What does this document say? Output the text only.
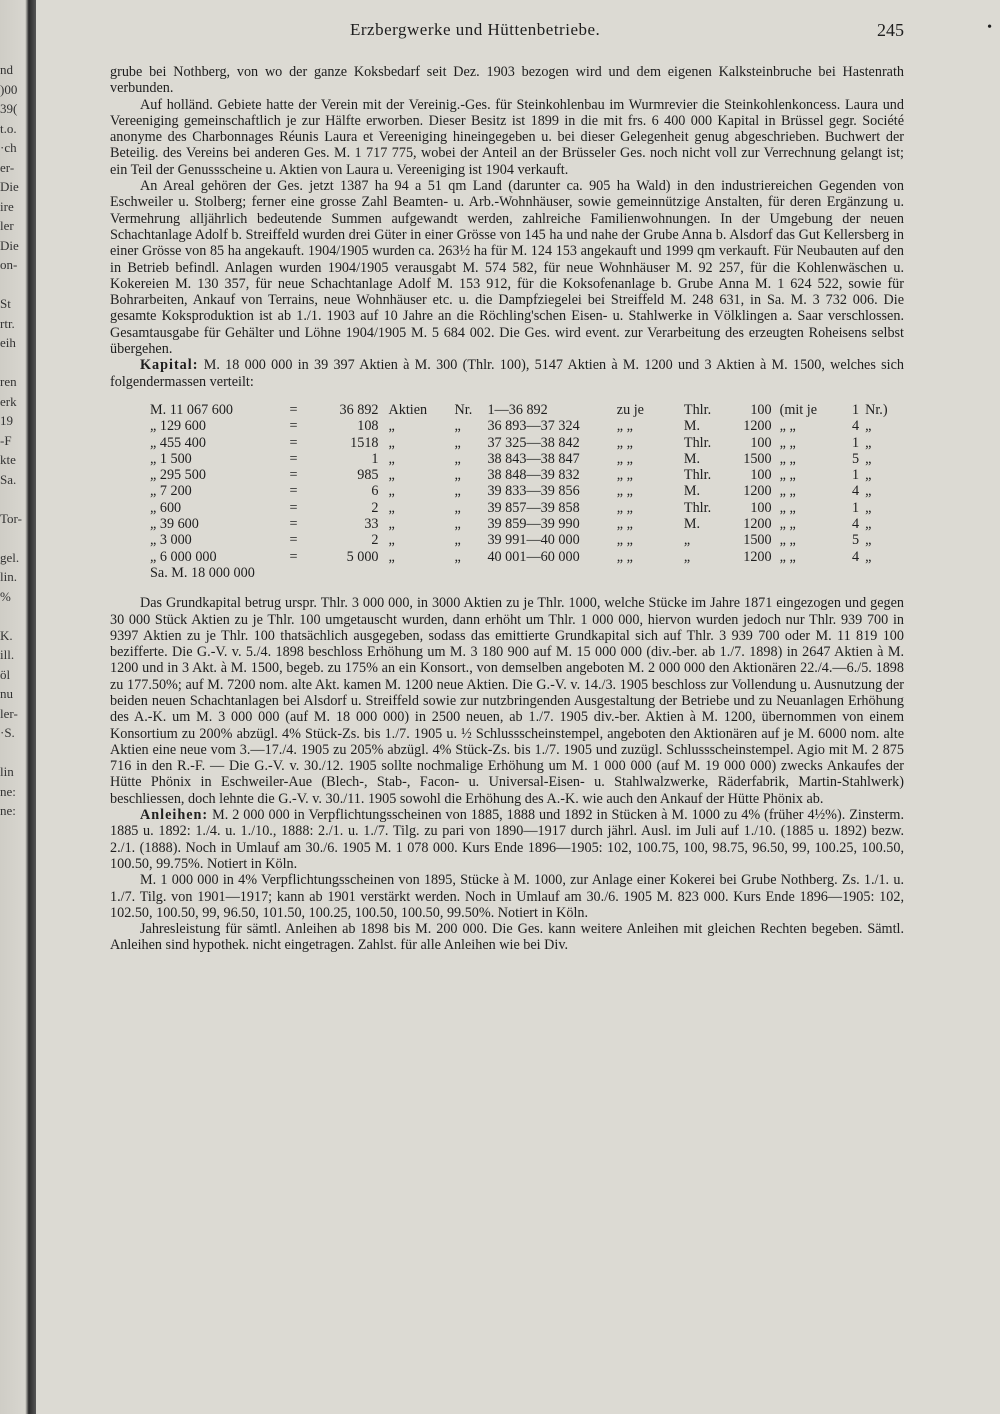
nd
)00
39(
t.o.
·ch
er-
Die
ire
ler
Die
on-
St
rtr.
eih
ren
erk
19
-F
kte
Sa.
Tor-
gel.
lin.
%
K.
ill.
öl
nu
ler-
·S.
lin
ne:
ne:
Erzbergwerke und Hüttenbetriebe.	245	•

grube bei Nothberg, von wo der ganze Koksbedarf seit Dez. 1903 bezogen wird und dem eigenen Kalksteinbruche bei Hastenrath verbunden.

Auf holländ. Gebiete hatte der Verein mit der Vereinig.-Ges. für Steinkohlenbau im Wurmrevier die Steinkohlenkoncess. Laura und Vereeniging gemeinschaftlich je zur Hälfte erworben. Dieser Besitz ist 1899 in die mit frs. 6 400 000 Kapital in Brüssel gegr. Société anonyme des Charbonnages Réunis Laura et Vereeniging hineingegeben u. bei dieser Gelegenheit genug abgeschrieben. Buchwert der Beteilig. des Vereins bei anderen Ges. M. 1 717 775, wobei der Anteil an der Brüsseler Ges. noch nicht voll zur Verrechnung gelangt ist; ein Teil der Genussscheine u. Aktien von Laura u. Vereeniging ist 1904 verkauft.

An Areal gehören der Ges. jetzt 1387 ha 94 a 51 qm Land (darunter ca. 905 ha Wald) in den industriereichen Gegenden von Eschweiler u. Stolberg; ferner eine grosse Zahl Beamten- u. Arb.-Wohnhäuser, sowie gemeinnützige Anstalten, für deren Ergänzung u. Vermehrung alljährlich bedeutende Summen aufgewandt werden, zahlreiche Familienwohnungen. In der Umgebung der neuen Schachtanlage Adolf b. Streiffeld wurden drei Güter in einer Grösse von 145 ha und nahe der Grube Anna b. Alsdorf das Gut Kellersberg in einer Grösse von 85 ha angekauft. 1904/1905 wurden ca. 263½ ha für M. 124 153 angekauft und 1999 qm verkauft. Für Neubauten auf den in Betrieb befindl. Anlagen wurden 1904/1905 verausgabt M. 574 582, für neue Wohnhäuser M. 92 257, für die Kohlenwäschen u. Kokereien M. 130 357, für neue Schachtanlage Adolf M. 153 912, für die Koksofenanlage b. Grube Anna M. 1 624 522, sowie für Bohrarbeiten, Ankauf von Terrains, neue Wohnhäuser etc. u. die Dampfziegelei bei Streiffeld M. 248 631, in Sa. M. 3 732 006. Die gesamte Koksproduktion ist ab 1./1. 1903 auf 10 Jahre an die Röchling'schen Eisen- u. Stahlwerke in Völklingen a. Saar verschlossen. Gesamtausgabe für Gehälter und Löhne 1904/1905 M. 5 684 002. Die Ges. wird event. zur Verarbeitung des erzeugten Roheisens selbst übergehen.

Kapital: M. 18 000 000 in 39 397 Aktien à M. 300 (Thlr. 100), 5147 Aktien à M. 1200 und 3 Aktien à M. 1500, welches sich folgendermassen verteilt:

M. 11 067 600	=	36 892	Aktien	Nr.	1—36 892	zu je	Thlr.	100	(mit je	1	Nr.)
„ 129 600	=	108	„	„	36 893—37 324	„ „	M.	1200	„ „	4	„
„ 455 400	=	1518	„	„	37 325—38 842	„ „	Thlr.	100	„ „	1	„
„ 1 500	=	1	„	„	38 843—38 847	„ „	M.	1500	„ „	5	„
„ 295 500	=	985	„	„	38 848—39 832	„ „	Thlr.	100	„ „	1	„
„ 7 200	=	6	„	„	39 833—39 856	„ „	M.	1200	„ „	4	„
„ 600	=	2	„	„	39 857—39 858	„ „	Thlr.	100	„ „	1	„
„ 39 600	=	33	„	„	39 859—39 990	„ „	M.	1200	„ „	4	„
„ 3 000	=	2	„	„	39 991—40 000	„ „	„	1500	„ „	5	„
„ 6 000 000	=	5 000	„	„	40 001—60 000	„ „	„	1200	„ „	4	„
Sa. M. 18 000 000											

Das Grundkapital betrug urspr. Thlr. 3 000 000, in 3000 Aktien zu je Thlr. 1000, welche Stücke im Jahre 1871 eingezogen und gegen 30 000 Stück Aktien zu je Thlr. 100 umgetauscht wurden, dann erhöht um Thlr. 1 000 000, hiervon wurden jedoch nur Thlr. 939 700 in 9397 Aktien zu je Thlr. 100 thatsächlich ausgegeben, sodass das emittierte Grundkapital sich auf Thlr. 3 939 700 oder M. 11 819 100 bezifferte. Die G.-V. v. 5./4. 1898 beschloss Erhöhung um M. 3 180 900 auf M. 15 000 000 (div.-ber. ab 1./7. 1898) in 2647 Aktien à M. 1200 und in 3 Akt. à M. 1500, begeb. zu 175% an ein Konsort., von demselben angeboten M. 2 000 000 den Aktionären 22./4.—6./5. 1898 zu 177.50%; auf M. 7200 nom. alte Akt. kamen M. 1200 neue Aktien. Die G.-V. v. 14./3. 1905 beschloss zur Vollendung u. Ausnutzung der beiden neuen Schachtanlagen bei Alsdorf u. Streiffeld sowie zur nutzbringenden Ausgestaltung der Betriebe und zu Neuanlagen Erhöhung des A.-K. um M. 3 000 000 (auf M. 18 000 000) in 2500 neuen, ab 1./7. 1905 div.-ber. Aktien à M. 1200, übernommen von einem Konsortium zu 200% abzügl. 4% Stück-Zs. bis 1./7. 1905 u. ½ Schlussscheinstempel, angeboten den Aktionären auf je M. 6000 nom. alte Aktien eine neue vom 3.—17./4. 1905 zu 205% abzügl. 4% Stück-Zs. bis 1./7. 1905 und zuzügl. Schlussscheinstempel. Agio mit M. 2 875 716 in den R.-F. — Die G.-V. v. 30./12. 1905 sollte nochmalige Erhöhung um M. 1 000 000 (auf M. 19 000 000) zwecks Ankaufes der Hütte Phönix in Eschweiler-Aue (Blech-, Stab-, Facon- u. Universal-Eisen- u. Stahlwalzwerke, Räderfabrik, Martin-Stahlwerk) beschliessen, doch lehnte die G.-V. v. 30./11. 1905 sowohl die Erhöhung des A.-K. wie auch den Ankauf der Hütte Phönix ab.

Anleihen: M. 2 000 000 in Verpflichtungsscheinen von 1885, 1888 und 1892 in Stücken à M. 1000 zu 4% (früher 4½%). Zinsterm. 1885 u. 1892: 1./4. u. 1./10., 1888: 2./1. u. 1./7. Tilg. zu pari von 1890—1917 durch jährl. Ausl. im Juli auf 1./10. (1885 u. 1892) bezw. 2./1. (1888). Noch in Umlauf am 30./6. 1905 M. 1 078 000. Kurs Ende 1896—1905: 102, 100.75, 100, 98.75, 96.50, 99, 100.25, 100.50, 100.50, 99.75%. Notiert in Köln.

M. 1 000 000 in 4% Verpflichtungsscheinen von 1895, Stücke à M. 1000, zur Anlage einer Kokerei bei Grube Nothberg. Zs. 1./1. u. 1./7. Tilg. von 1901—1917; kann ab 1901 verstärkt werden. Noch in Umlauf am 30./6. 1905 M. 823 000. Kurs Ende 1896—1905: 102, 102.50, 100.50, 99, 96.50, 101.50, 100.25, 100.50, 100.50, 99.50%. Notiert in Köln.

Jahresleistung für sämtl. Anleihen ab 1898 bis M. 200 000. Die Ges. kann weitere Anleihen mit gleichen Rechten begeben. Sämtl. Anleihen sind hypothek. nicht eingetragen. Zahlst. für alle Anleihen wie bei Div.
